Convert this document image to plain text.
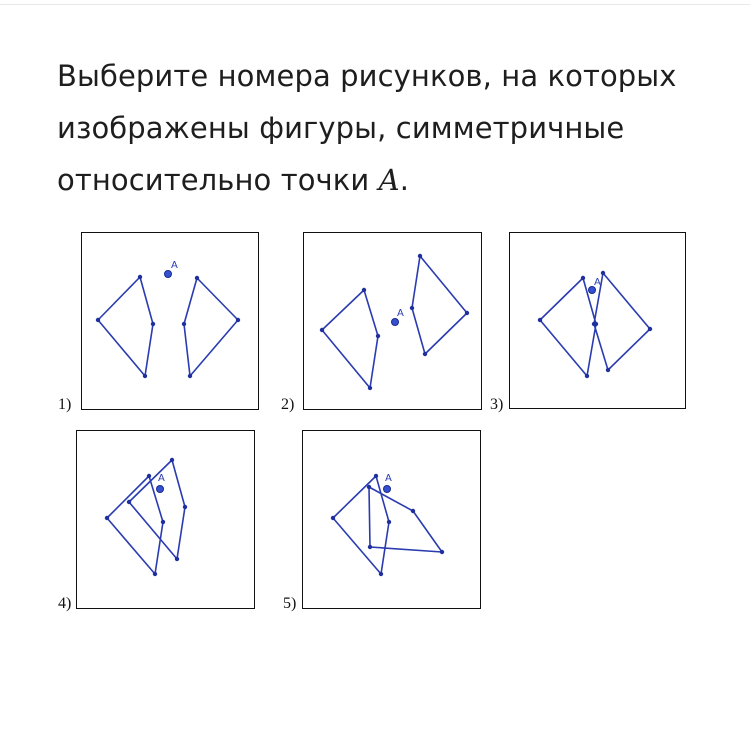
Выберите номера рисунков, на которых изображены фигуры, симметричные относительно точки A.
1)
A
2)
A
3)
A
4)
A
5)
A
